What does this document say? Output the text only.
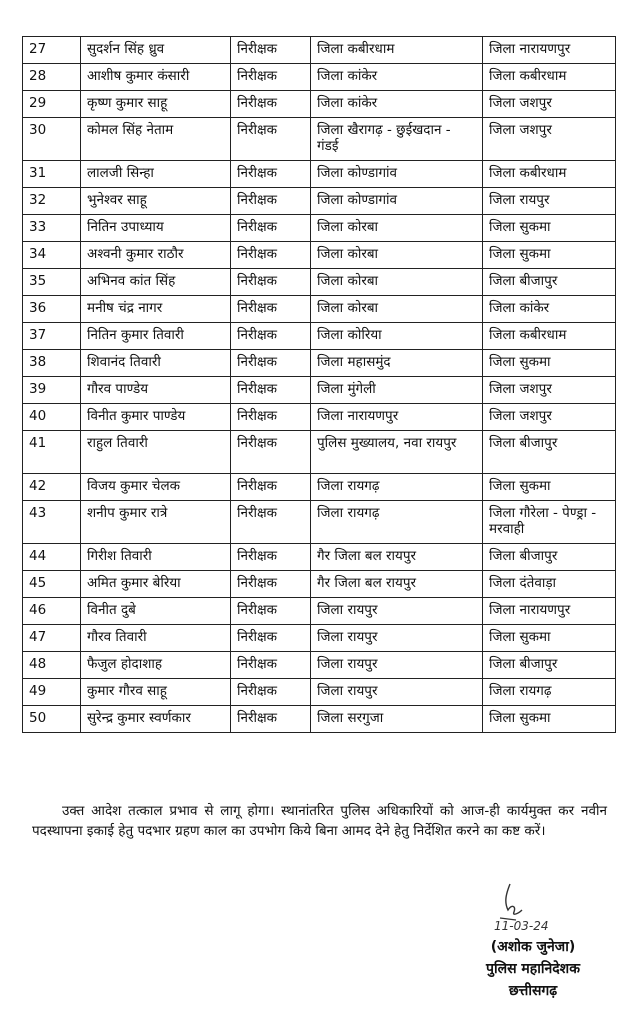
27	सुदर्शन सिंह ध्रुव	निरीक्षक	जिला कबीरधाम	जिला नारायणपुर
28	आशीष कुमार कंसारी	निरीक्षक	जिला कांकेर	जिला कबीरधाम
29	कृष्ण कुमार साहू	निरीक्षक	जिला कांकेर	जिला जशपुर
30	कोमल सिंह नेताम	निरीक्षक	जिला खैरागढ़ - छुईखदान - गंडई	जिला जशपुर
31	लालजी सिन्हा	निरीक्षक	जिला कोण्डागांव	जिला कबीरधाम
32	भुनेश्वर साहू	निरीक्षक	जिला कोण्डागांव	जिला रायपुर
33	नितिन उपाध्याय	निरीक्षक	जिला कोरबा	जिला सुकमा
34	अश्वनी कुमार राठौर	निरीक्षक	जिला कोरबा	जिला सुकमा
35	अभिनव कांत सिंह	निरीक्षक	जिला कोरबा	जिला बीजापुर
36	मनीष चंद्र नागर	निरीक्षक	जिला कोरबा	जिला कांकेर
37	नितिन कुमार तिवारी	निरीक्षक	जिला कोरिया	जिला कबीरधाम
38	शिवानंद तिवारी	निरीक्षक	जिला महासमुंद	जिला सुकमा
39	गौरव पाण्डेय	निरीक्षक	जिला मुंगेली	जिला जशपुर
40	विनीत कुमार पाण्डेय	निरीक्षक	जिला नारायणपुर	जिला जशपुर
41	राहुल तिवारी	निरीक्षक	पुलिस मुख्यालय, नवा रायपुर	जिला बीजापुर
42	विजय कुमार चेलक	निरीक्षक	जिला रायगढ़	जिला सुकमा
43	शनीप कुमार रात्रे	निरीक्षक	जिला रायगढ़	जिला गौरेला - पेण्ड्रा - मरवाही
44	गिरीश तिवारी	निरीक्षक	गैर जिला बल रायपुर	जिला बीजापुर
45	अमित कुमार बेरिया	निरीक्षक	गैर जिला बल रायपुर	जिला दंतेवाड़ा
46	विनीत दुबे	निरीक्षक	जिला रायपुर	जिला नारायणपुर
47	गौरव तिवारी	निरीक्षक	जिला रायपुर	जिला सुकमा
48	फैजुल होदाशाह	निरीक्षक	जिला रायपुर	जिला बीजापुर
49	कुमार गौरव साहू	निरीक्षक	जिला रायपुर	जिला रायगढ़
50	सुरेन्द्र कुमार स्वर्णकार	निरीक्षक	जिला सरगुजा	जिला सुकमा
उक्त आदेश तत्काल प्रभाव से लागू होगा। स्थानांतरित पुलिस अधिकारियों को आज-ही कार्यमुक्त कर नवीन पदस्थापना इकाई हेतु पदभार ग्रहण काल का उपभोग किये बिना आमद देने हेतु निर्देशित करने का कष्ट करें।
11-03-24
(अशोक जुनेजा)
पुलिस महानिदेशक
छत्तीसगढ़
